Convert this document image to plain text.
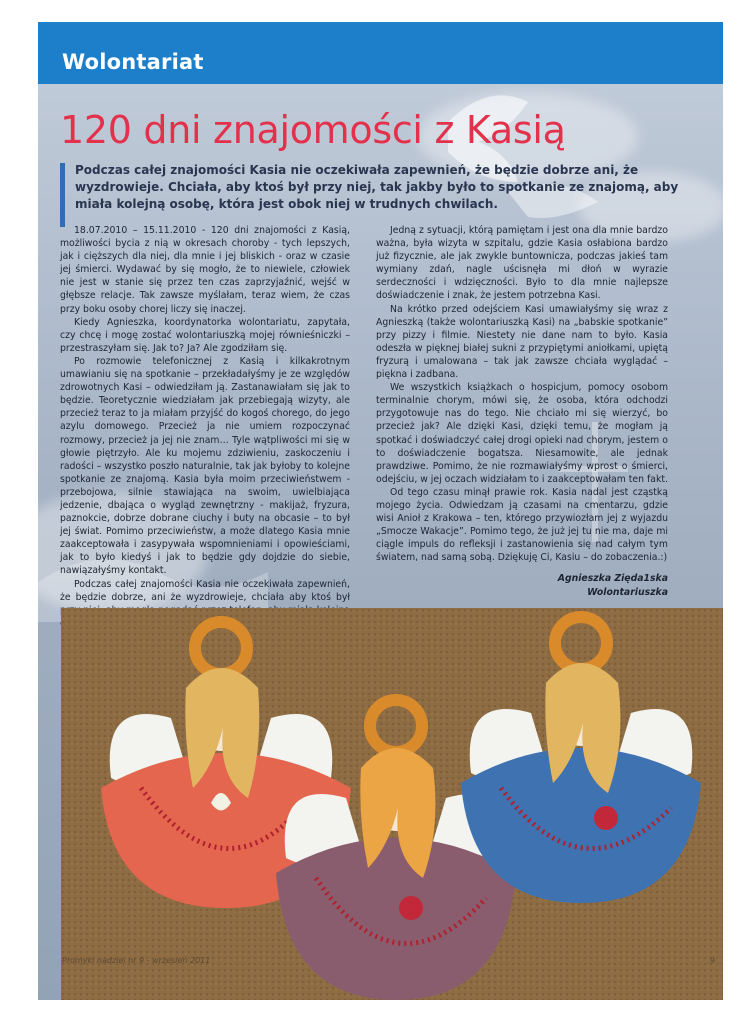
Wolontariat
120 dni znajomości z Kasią

Podczas całej znajomości Kasia nie oczekiwała zapewnień, że będzie dobrze ani, że wyzdrowieje. Chciała, aby ktoś był przy niej, tak jakby było to spotkanie ze znajomą, aby miała kolejną osobę, która jest obok niej w trudnych chwilach.

18.07.2010 – 15.11.2010 - 120 dni znajomości z Kasią, możliwości bycia z nią w okresach choroby - tych lepszych, jak i cięższych dla niej, dla mnie i jej bliskich - oraz w czasie jej śmierci. Wydawać by się mogło, że to niewiele, człowiek nie jest w stanie się przez ten czas zaprzyjaźnić, wejść w głębsze relacje. Tak zawsze myślałam, teraz wiem, że czas przy boku osoby chorej liczy się inaczej.

Kiedy Agnieszka, koordynatorka wolontariatu, zapytała, czy chcę i mogę zostać wolontariuszką mojej równieśniczki – przestraszyłam się. Jak to? Ja? Ale zgodziłam się.

Po rozmowie telefonicznej z Kasią i kilkakrotnym umawianiu się na spotkanie – przekładałyśmy je ze względów zdrowotnych Kasi – odwiedziłam ją. Zastanawiałam się jak to będzie. Teoretycznie wiedziałam jak przebiegają wizyty, ale przecież teraz to ja miałam przyjść do kogoś chorego, do jego azylu domowego. Przecież ja nie umiem rozpoczynać rozmowy, przecież ja jej nie znam… Tyle wątpliwości mi się w głowie piętrzyło. Ale ku mojemu zdziwieniu, zaskoczeniu i radości – wszystko poszło naturalnie, tak jak byłoby to kolejne spotkanie ze znajomą. Kasia była moim przeciwieństwem - przebojowa, silnie stawiająca na swoim, uwielbiająca jedzenie, dbająca o wygląd zewnętrzny - makijaż, fryzura, paznokcie, dobrze dobrane ciuchy i buty na obcasie – to był jej świat. Pomimo przeciwieństw, a może dlatego Kasia mnie zaakceptowała i zasypywała wspomnieniami i opowieściami, jak to było kiedyś i jak to będzie gdy dojdzie do siebie, nawiązałyśmy kontakt.

Podczas całej znajomości Kasia nie oczekiwała zapewnień, że będzie dobrze, ani że wyzdrowieje, chciała aby ktoś był

Jedną z sytuacji, którą pamiętam i jest ona dla mnie bardzo ważna, była wizyta w szpitalu, gdzie Kasia osłabiona bardzo już fizycznie, ale jak zwykle buntownicza, podczas jakieś tam wymiany zdań, nagle uścisnęła mi dłoń w wyrazie serdeczności i wdzięczności. Było to dla mnie najlepsze doświadczenie i znak, że jestem potrzebna Kasi.

Na krótko przed odejściem Kasi umawiałyśmy się wraz z Agnieszką (także wolontariuszką Kasi) na „babskie spotkanie” przy pizzy i filmie. Niestety nie dane nam to było. Kasia odeszła w pięknej białej sukni z przypiętymi aniołkami, upiętą fryzurą i umalowana – tak jak zawsze chciała wyglądać – piękna i zadbana.

We wszystkich książkach o hospicjum, pomocy osobom terminalnie chorym, mówi się, że osoba, która odchodzi przygotowuje nas do tego. Nie chciało mi się wierzyć, bo przecież jak? Ale dzięki Kasi, dzięki temu, że mogłam ją spotkać i doświadczyć całej drogi opieki nad chorym, jestem o to doświadczenie bogatsza. Niesamowite, ale jednak prawdziwe. Pomimo, że nie rozmawiałyśmy wprost o śmierci, odejściu, w jej oczach widziałam to i zaakceptowałam ten fakt.

Od tego czasu minął prawie rok. Kasia nadal jest cząstką mojego życia. Odwiedzam ją czasami na cmentarzu, gdzie wisi Anioł z Krakowa – ten, którego przywiozłam jej z wyjazdu „Smocze Wakacje”. Pomimo tego, że już jej tu nie ma, daje mi ciągle impuls do refleksji i zastanowienia się nad całym tym światem, nad samą sobą. Dziękuję Ci, Kasiu – do zobaczenia.:)

Agnieszka Zięda1ska

Wolontariuszka

Promyki nadziei nr 9 - wrzesień 2011	9
